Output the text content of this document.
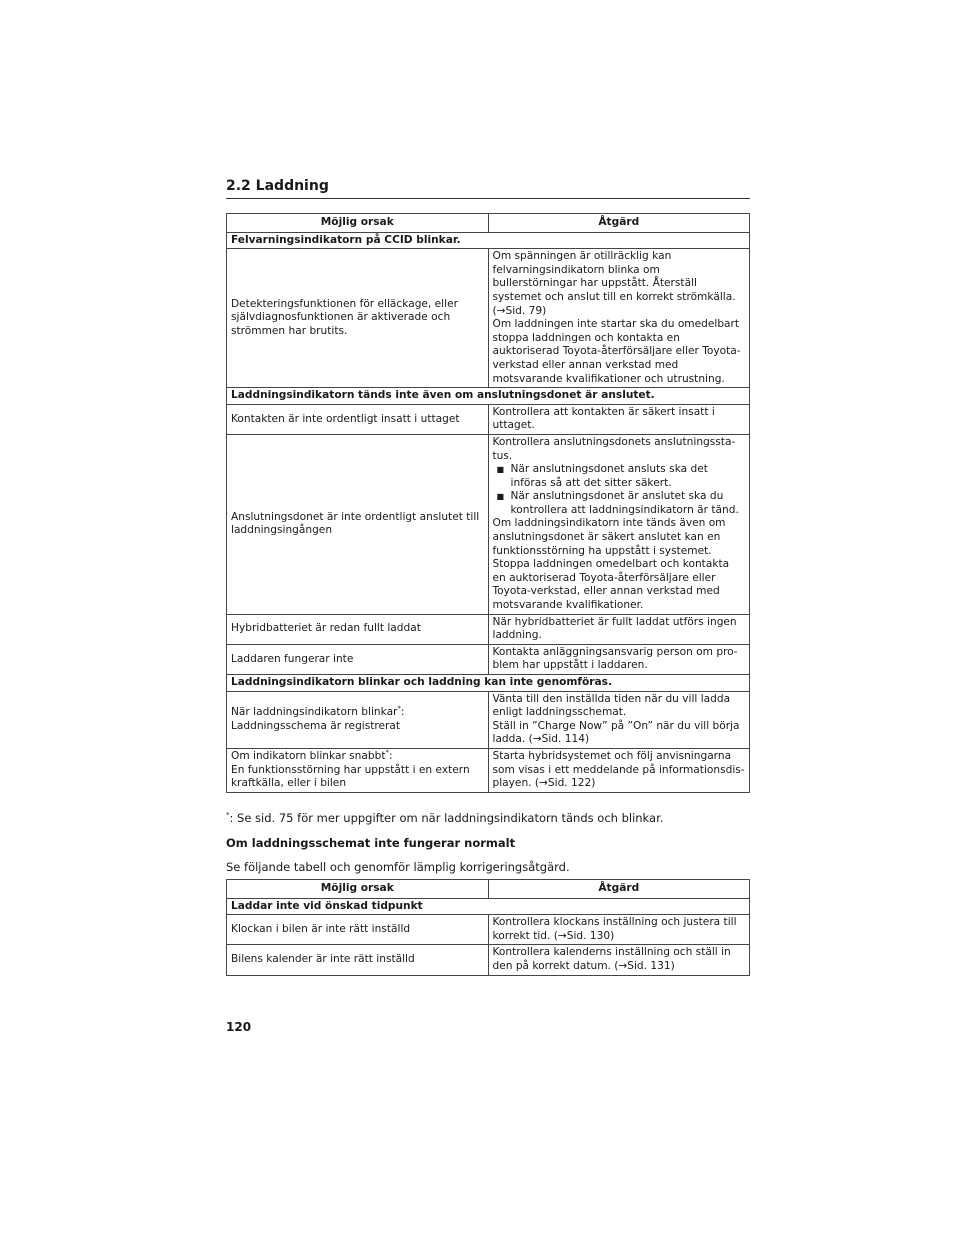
2.2 Laddning
Möjlig orsak	Åtgärd
Felvarningsindikatorn på CCID blinkar.	
Detekteringsfunktionen för elläckage, eller självdiagnosfunktionen är aktiverade och strömmen har brutits.	Om spänningen är otillräcklig kan felvarningsindikatorn blinka om bullerstörningar har uppstått. Återställ systemet och anslut till en korrekt strömkälla. (→Sid. 79)
Om laddningen inte startar ska du omedelbart stoppa laddningen och kontakta en auktoriserad Toyota-återförsäljare eller Toyota-verkstad eller annan verkstad med motsvarande kvalifikationer och utrustning.
Laddningsindikatorn tänds inte även om anslutningsdonet är anslutet.	
Kontakten är inte ordentligt insatt i uttaget	Kontrollera att kontakten är säkert insatt i uttaget.
Anslutningsdonet är inte ordentligt anslutet till laddningsingången	Kontrollera anslutningsdonets anslutningsstatus.
■
När anslutningsdonet ansluts ska det införas så att det sitter säkert.
■
När anslutningsdonet är anslutet ska du kontrollera att laddningsindikatorn är tänd.
Om laddningsindikatorn inte tänds även om anslutningsdonet är säkert anslutet kan en funktionsstörning ha uppstått i systemet. Stoppa laddningen omedelbart och kontakta en auktoriserad Toyota-återförsäljare eller Toyota-verkstad, eller annan verkstad med motsvarande kvalifikationer.

Hybridbatteriet är redan fullt laddat	När hybridbatteriet är fullt laddat utförs ingen laddning.
Laddaren fungerar inte	Kontakta anläggningsansvarig person om problem har uppstått i laddaren.
Laddningsindikatorn blinkar och laddning kan inte genomföras.	
När laddningsindikatorn blinkar*:
Laddningsschema är registrerat	Vänta till den inställda tiden när du vill ladda enligt laddningsschemat.
Ställ in ”Charge Now” på ”On” när du vill börja ladda. (→Sid. 114)
Om indikatorn blinkar snabbt*:
En funktionsstörning har uppstått i en extern kraftkälla, eller i bilen	Starta hybridsystemet och följ anvisningarna som visas i ett meddelande på informationsdisplayen. (→Sid. 122)
*: Se sid. 75 för mer uppgifter om när laddningsindikatorn tänds och blinkar.
Om laddningsschemat inte fungerar normalt
Se följande tabell och genomför lämplig korrigeringsåtgärd.
Möjlig orsak	Åtgärd
Laddar inte vid önskad tidpunkt	
Klockan i bilen är inte rätt inställd	Kontrollera klockans inställning och justera till korrekt tid. (→Sid. 130)
Bilens kalender är inte rätt inställd	Kontrollera kalenderns inställning och ställ in den på korrekt datum. (→Sid. 131)
120
